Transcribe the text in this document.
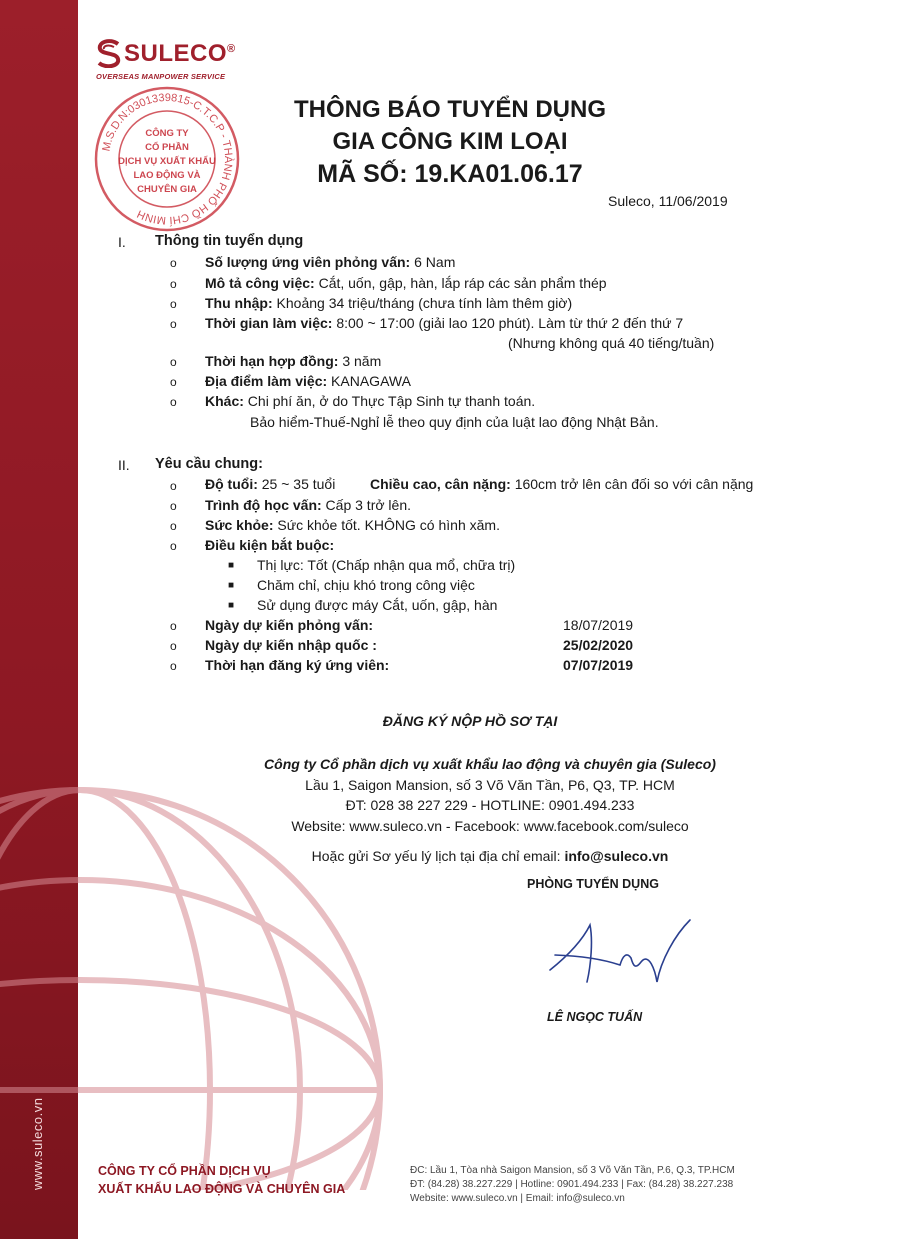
www.suleco.vn
SULECO®
OVERSEAS MANPOWER SERVICE
M.S.D.N:0301339815-C.T.C.P - THÀNH PHỐ HỒ CHÍ MINH
CÔNG TY
CỔ PHẦN
DỊCH VỤ XUẤT KHẨU
LAO ĐỘNG VÀ
CHUYÊN GIA
THÔNG BÁO TUYỂN DỤNG
GIA CÔNG KIM LOẠI
MÃ SỐ: 19.KA01.06.17
Suleco, 11/06/2019
I. Thông tin tuyển dụng
o Số lượng ứng viên phỏng vấn: 6 Nam
o Mô tả công việc: Cắt, uốn, gập, hàn, lắp ráp các sản phẩm thép
o Thu nhập: Khoảng 34 triệu/tháng (chưa tính làm thêm giờ)
o Thời gian làm việc: 8:00 ~ 17:00 (giải lao 120 phút). Làm từ thứ 2 đến thứ 7
(Nhưng không quá 40 tiếng/tuần)
o Thời hạn hợp đồng: 3 năm
o Địa điểm làm việc: KANAGAWA
o Khác: Chi phí ăn, ở do Thực Tập Sinh tự thanh toán.
Bảo hiểm-Thuế-Nghỉ lễ theo quy định của luật lao động Nhật Bản.
II. Yêu cầu chung:
o Độ tuổi: 25 ~ 35 tuổi Chiều cao, cân nặng: 160cm trở lên cân đối so với cân nặng
o Trình độ học vấn: Cấp 3 trở lên.
o Sức khỏe: Sức khỏe tốt. KHÔNG có hình xăm.
o Điều kiện bắt buộc:
■ Thị lực: Tốt (Chấp nhận qua mổ, chữa trị)
■ Chăm chỉ, chịu khó trong công việc
■ Sử dụng được máy Cắt, uốn, gập, hàn
o Ngày dự kiến phỏng vấn:	18/07/2019
o Ngày dự kiến nhập quốc :	25/02/2020
o Thời hạn đăng ký ứng viên:	07/07/2019
ĐĂNG KÝ NỘP HỒ SƠ TẠI
Công ty Cổ phần dịch vụ xuất khẩu lao động và chuyên gia (Suleco)
Lầu 1, Saigon Mansion, số 3 Võ Văn Tần, P6, Q3, TP. HCM
ĐT: 028 38 227 229 - HOTLINE: 0901.494.233
Website: www.suleco.vn - Facebook: www.facebook.com/suleco
Hoặc gửi Sơ yếu lý lịch tại địa chỉ email: info@suleco.vn
PHÒNG TUYỂN DỤNG
LÊ NGỌC TUẤN
CÔNG TY CỔ PHẦN DỊCH VỤ
XUẤT KHẨU LAO ĐỘNG VÀ CHUYÊN GIA
ĐC: Lầu 1, Tòa nhà Saigon Mansion, số 3 Võ Văn Tần, P.6, Q.3, TP.HCM
ĐT: (84.28) 38.227.229 | Hotline: 0901.494.233 | Fax: (84.28) 38.227.238
Website: www.suleco.vn | Email: info@suleco.vn
